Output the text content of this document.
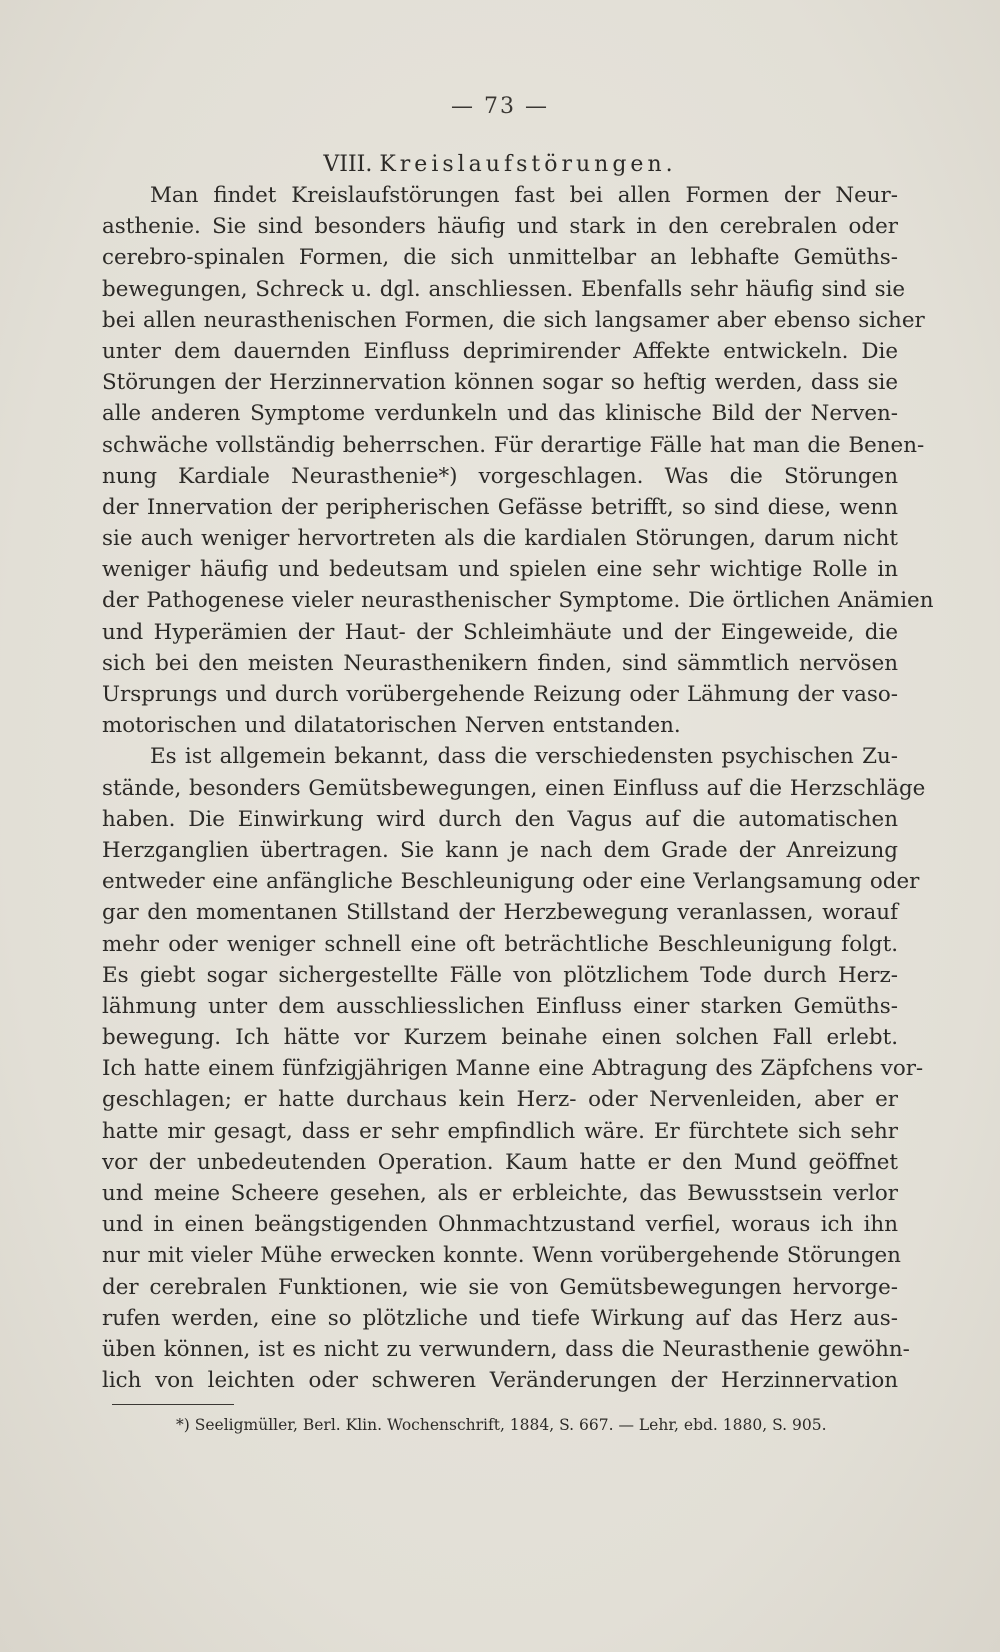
— 73 —
VIII. Kreislaufstörungen.
Man findet Kreislaufstörungen fast bei allen Formen der Neur-
asthenie. Sie sind besonders häufig und stark in den cerebralen oder
cerebro-spinalen Formen, die sich unmittelbar an lebhafte Gemüths-
bewegungen, Schreck u. dgl. anschliessen. Ebenfalls sehr häufig sind sie
bei allen neurasthenischen Formen, die sich langsamer aber ebenso sicher
unter dem dauernden Einfluss deprimirender Affekte entwickeln. Die
Störungen der Herzinnervation können sogar so heftig werden, dass sie
alle anderen Symptome verdunkeln und das klinische Bild der Nerven-
schwäche vollständig beherrschen. Für derartige Fälle hat man die Benen-
nung Kardiale Neurasthenie*) vorgeschlagen. Was die Störungen
der Innervation der peripherischen Gefässe betrifft, so sind diese, wenn
sie auch weniger hervortreten als die kardialen Störungen, darum nicht
weniger häufig und bedeutsam und spielen eine sehr wichtige Rolle in
der Pathogenese vieler neurasthenischer Symptome. Die örtlichen Anämien
und Hyperämien der Haut- der Schleimhäute und der Eingeweide, die
sich bei den meisten Neurasthenikern finden, sind sämmtlich nervösen
Ursprungs und durch vorübergehende Reizung oder Lähmung der vaso-
motorischen und dilatatorischen Nerven entstanden.
Es ist allgemein bekannt, dass die verschiedensten psychischen Zu-
stände, besonders Gemütsbewegungen, einen Einfluss auf die Herzschläge
haben. Die Einwirkung wird durch den Vagus auf die automatischen
Herzganglien übertragen. Sie kann je nach dem Grade der Anreizung
entweder eine anfängliche Beschleunigung oder eine Verlangsamung oder
gar den momentanen Stillstand der Herzbewegung veranlassen, worauf
mehr oder weniger schnell eine oft beträchtliche Beschleunigung folgt.
Es giebt sogar sichergestellte Fälle von plötzlichem Tode durch Herz-
lähmung unter dem ausschliesslichen Einfluss einer starken Gemüths-
bewegung. Ich hätte vor Kurzem beinahe einen solchen Fall erlebt.
Ich hatte einem fünfzigjährigen Manne eine Abtragung des Zäpfchens vor-
geschlagen; er hatte durchaus kein Herz- oder Nervenleiden, aber er
hatte mir gesagt, dass er sehr empfindlich wäre. Er fürchtete sich sehr
vor der unbedeutenden Operation. Kaum hatte er den Mund geöffnet
und meine Scheere gesehen, als er erbleichte, das Bewusstsein verlor
und in einen beängstigenden Ohnmachtzustand verfiel, woraus ich ihn
nur mit vieler Mühe erwecken konnte. Wenn vorübergehende Störungen
der cerebralen Funktionen, wie sie von Gemütsbewegungen hervorge-
rufen werden, eine so plötzliche und tiefe Wirkung auf das Herz aus-
üben können, ist es nicht zu verwundern, dass die Neurasthenie gewöhn-
lich von leichten oder schweren Veränderungen der Herzinnervation
*) Seeligmüller, Berl. Klin. Wochenschrift, 1884, S. 667. — Lehr, ebd. 1880, S. 905.
